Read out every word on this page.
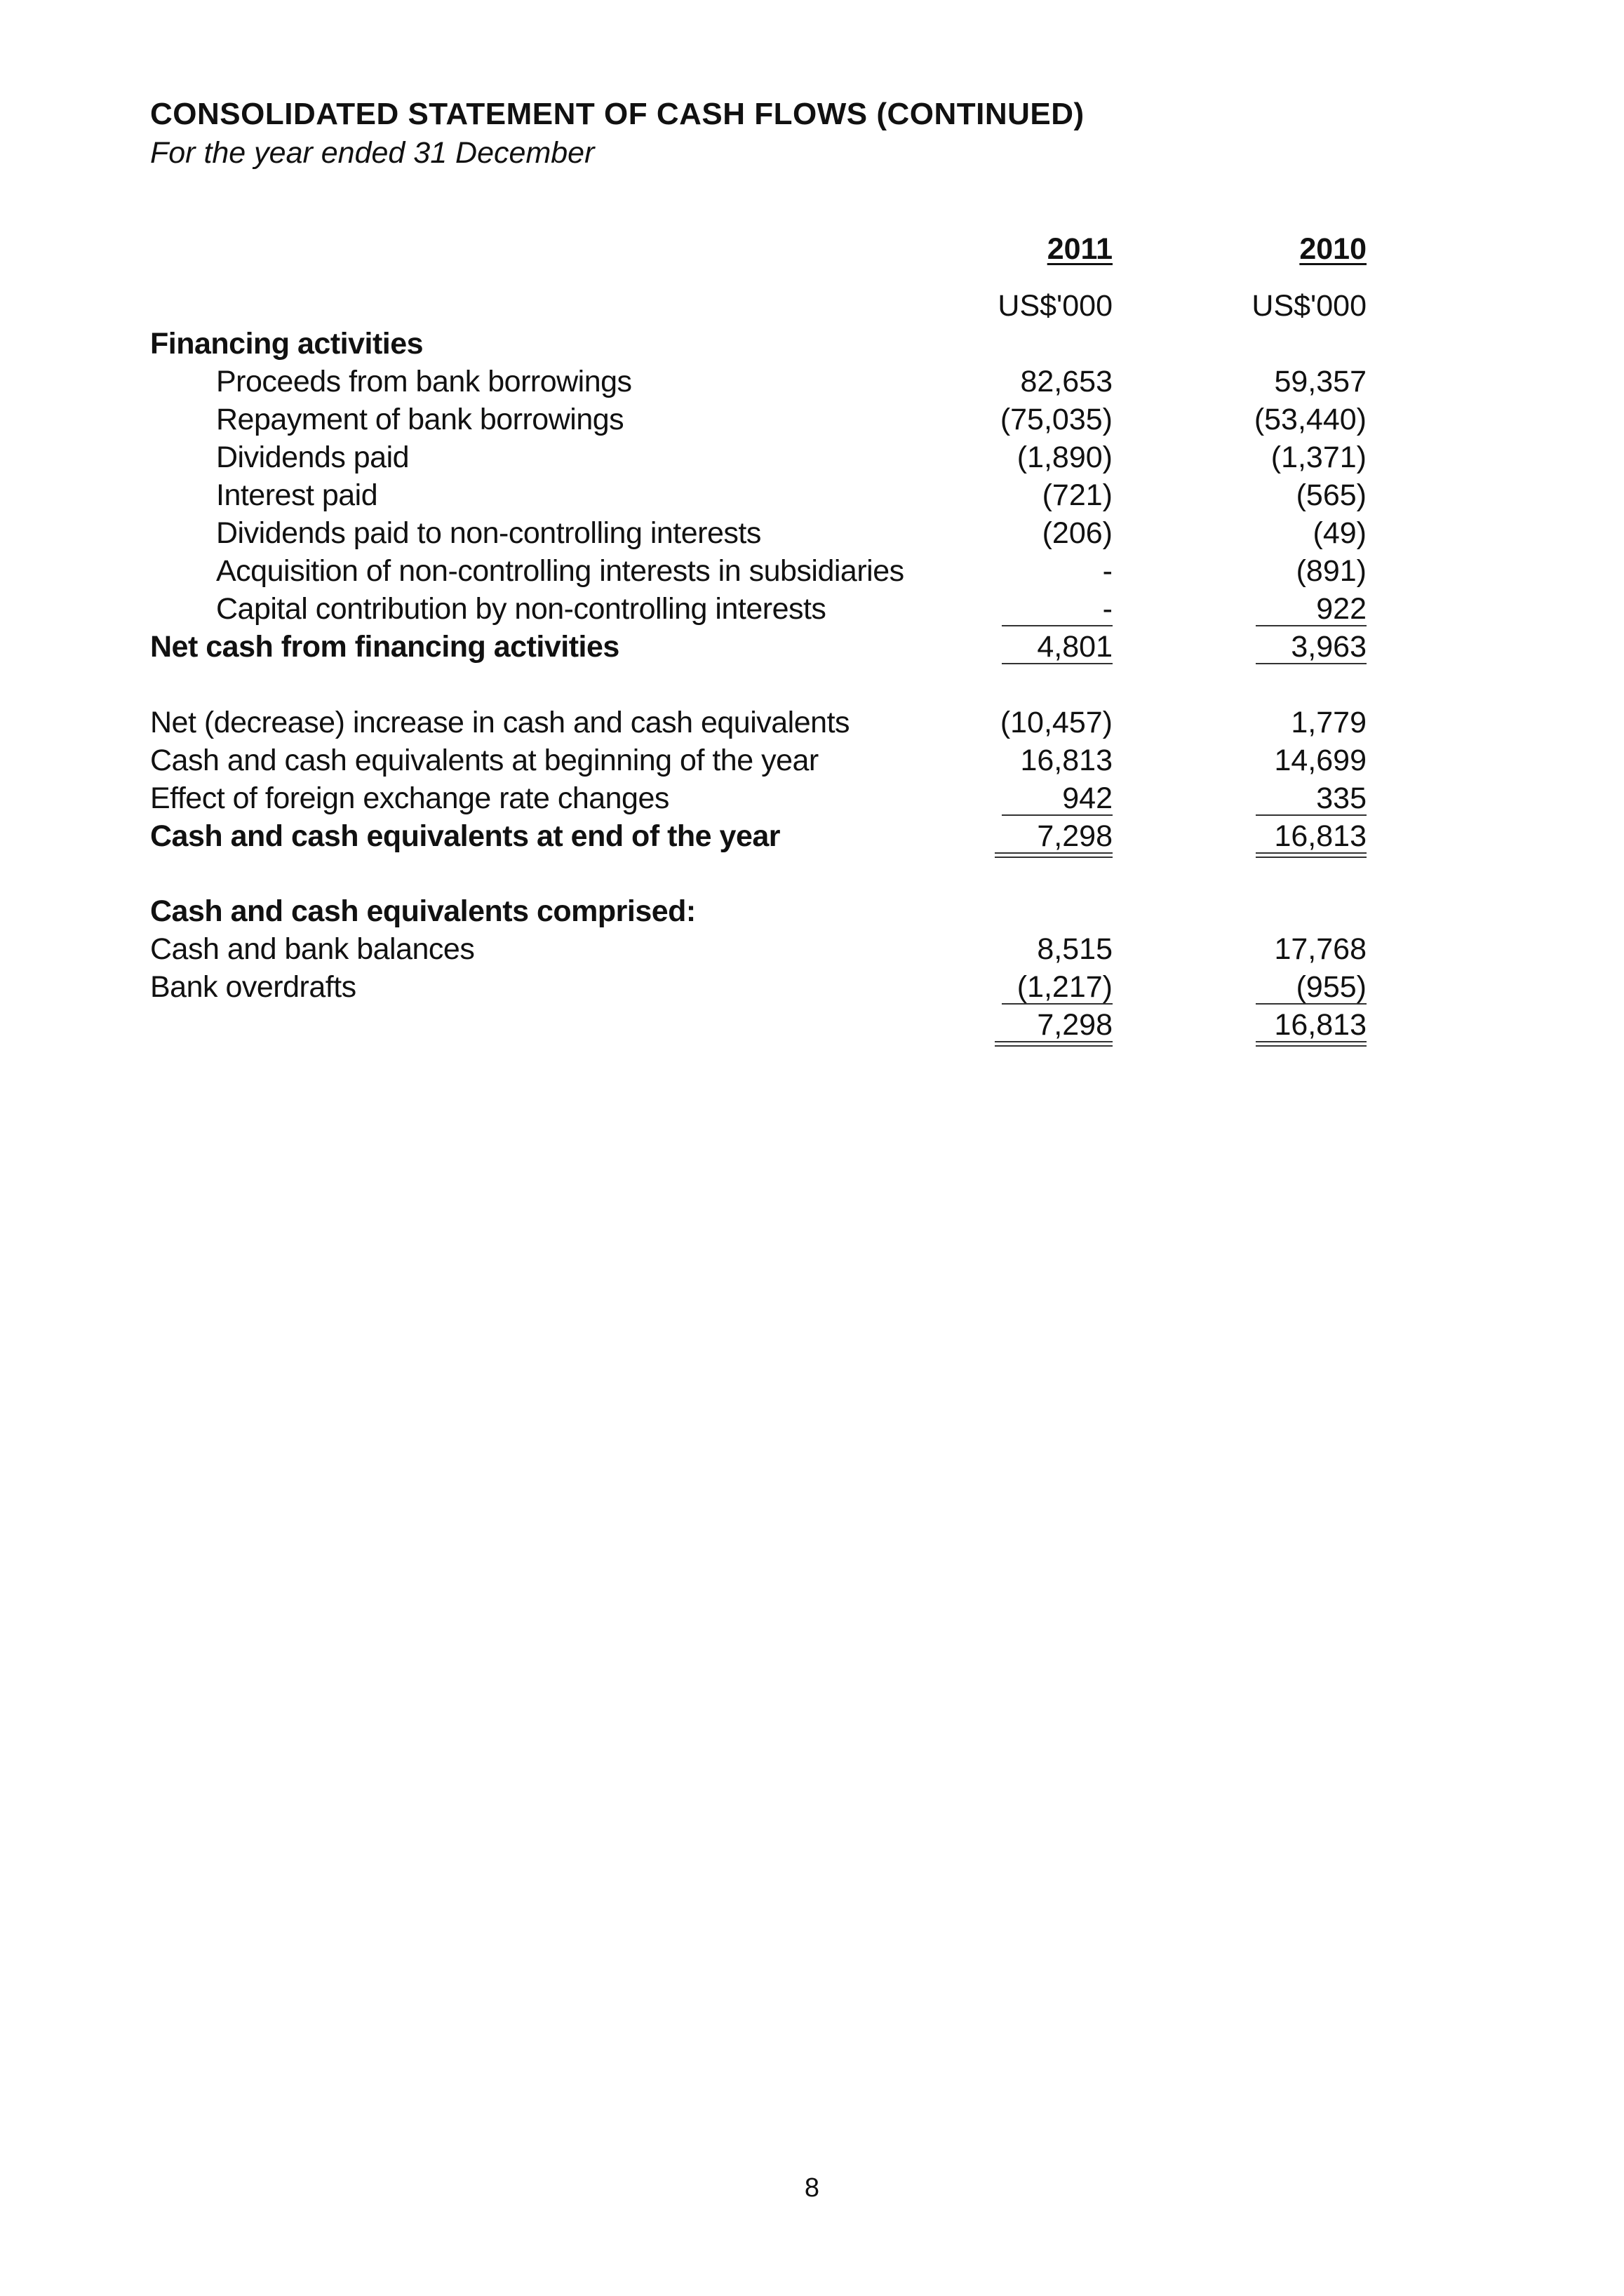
CONSOLIDATED STATEMENT OF CASH FLOWS (CONTINUED)
For the year ended 31 December
2011	2010
US$'000	US$'000
Financing activities
Proceeds from bank borrowings	82,653	59,357
Repayment of bank borrowings	(75,035)	(53,440)
Dividends paid	(1,890)	(1,371)
Interest paid	(721)	(565)
Dividends paid to non-controlling interests	(206)	(49)
Acquisition of non-controlling interests in subsidiaries	-	(891)
Capital contribution by non-controlling interests	-	922
Net cash from financing activities	4,801	3,963
Net (decrease) increase in cash and cash equivalents	(10,457)	1,779
Cash and cash equivalents at beginning of the year	16,813	14,699
Effect of foreign exchange rate changes	942	335
Cash and cash equivalents at end of the year	7,298	16,813
Cash and cash equivalents comprised:
Cash and bank balances	8,515	17,768
Bank overdrafts	(1,217)	(955)
7,298	16,813
8
